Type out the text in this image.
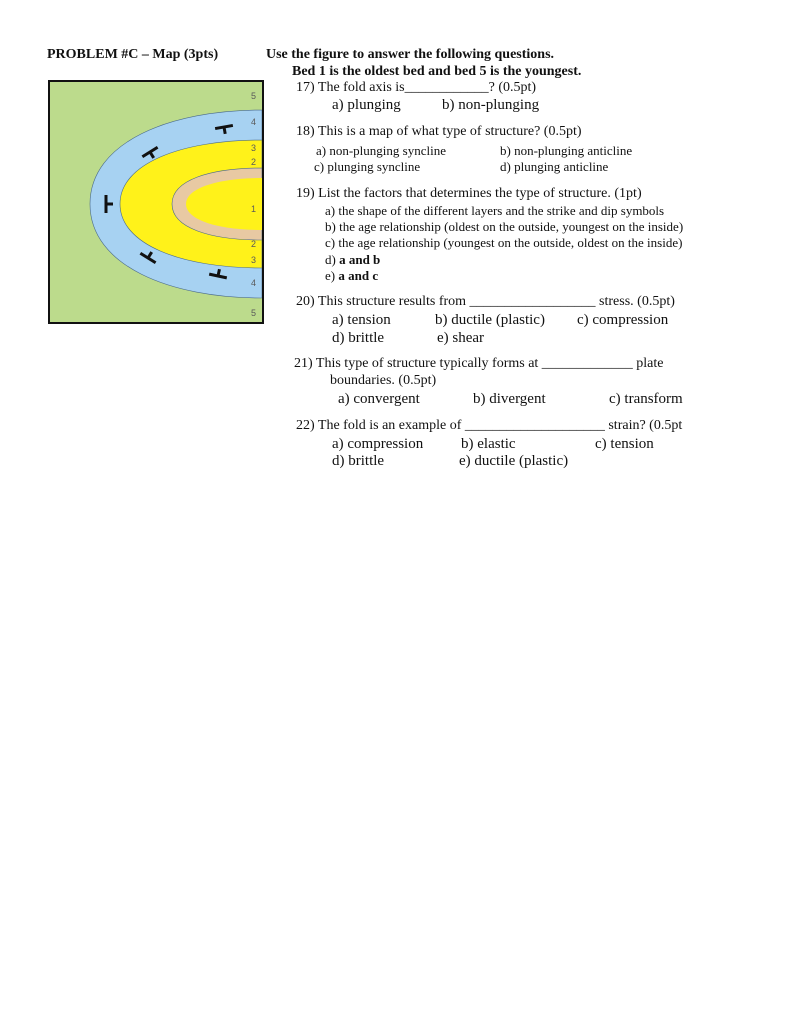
PROBLEM #C – Map (3pts)	Use the figure to answer the following questions.
Bed 1 is the oldest bed and bed 5 is the youngest.
5
4
3
2
1
2
3
4
5
17) The fold axis is____________? (0.5pt)
a) plunging	b) non-plunging
18) This is a map of what type of structure? (0.5pt)
a) non-plunging syncline	b) non-plunging anticline
c) plunging syncline	d) plunging anticline
19) List the factors that determines the type of structure. (1pt)
a) the shape of the different layers and the strike and dip symbols
b) the age relationship (oldest on the outside, youngest on the inside)
c) the age relationship (youngest on the outside, oldest on the inside)
d) a and b
e) a and c
20) This structure results from __________________ stress. (0.5pt)
a) tension	b) ductile (plastic) c) compression
d) brittle	e) shear
21) This type of structure typically forms at _____________ plate
boundaries. (0.5pt)
a) convergent	b) divergent	c) transform
22) The fold is an example of ____________________ strain? (0.5pt
a) compression	b) elastic	c) tension
d) brittle	e) ductile (plastic)
